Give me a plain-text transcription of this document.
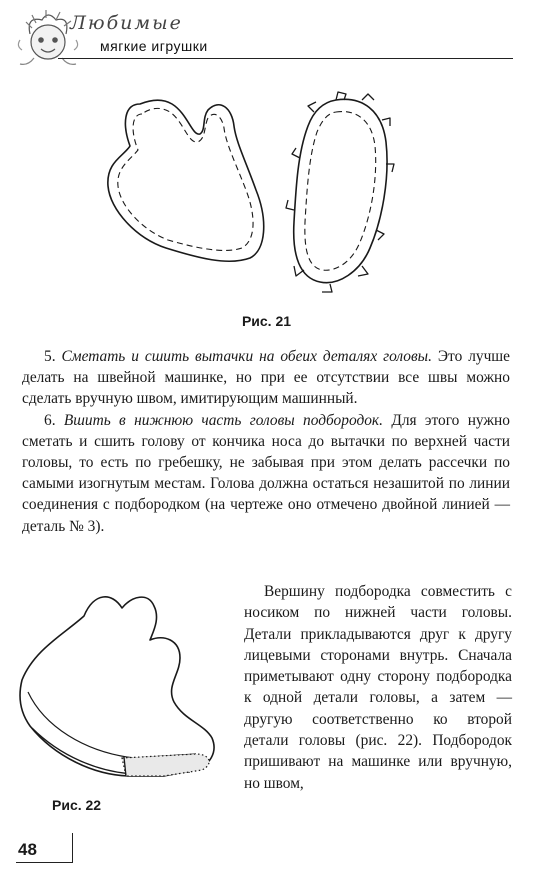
Любимые
мягкие игрушки
Рис. 21

5. Сметать и сшить вытачки на обеих деталях головы. Это лучше делать на швейной машинке, но при ее отсутствии все швы можно сделать вручную швом, имитирующим машинный.

6. Вшить в нижнюю часть головы подбородок. Для этого нужно сметать и сшить голову от кончика носа до вытачки по верхней части головы, то есть по гребешку, не забывая при этом делать рассечки по самыми изогнутым местам. Голова должна остаться незашитой по линии соединения с подбородком (на чертеже оно отмечено двойной линией — деталь № 3).

Рис. 22

Вершину подбородка совместить с носиком по нижней части головы. Детали прикладываются друг к другу лицевыми сторонами внутрь. Сначала приметывают одну сторону подбородка к одной детали головы, а затем — другую соответственно ко второй детали головы (рис. 22). Подбородок пришивают на машинке или вручную, но швом,

48
